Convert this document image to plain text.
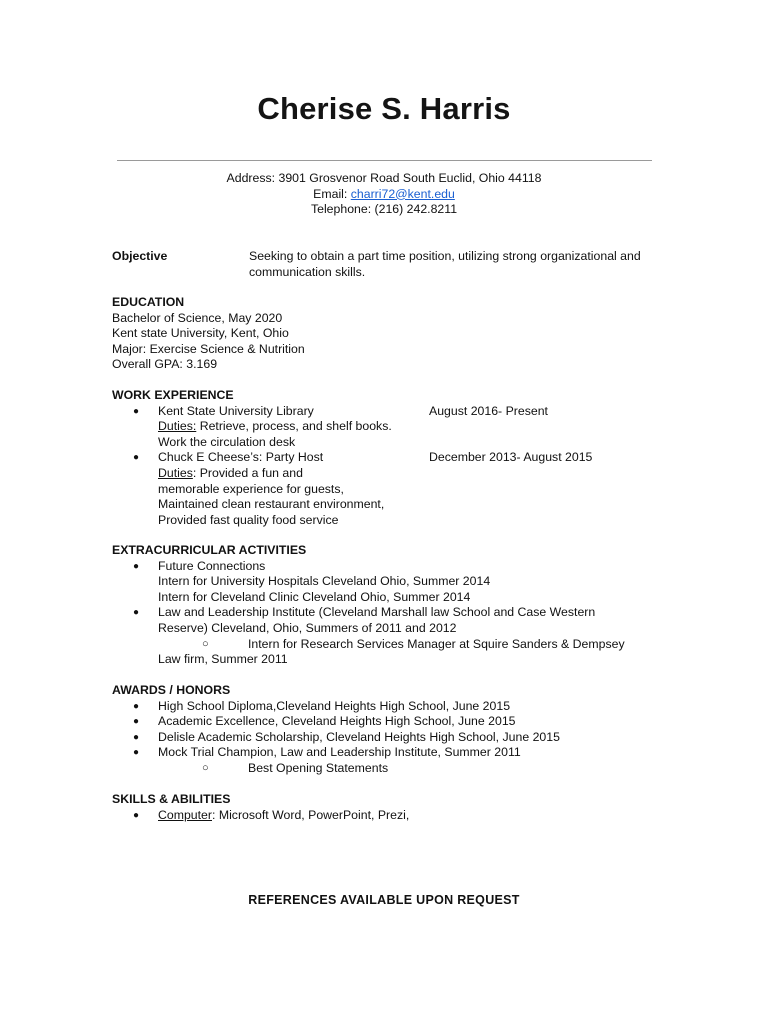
Cherise S. Harris
Address: 3901 Grosvenor Road South Euclid, Ohio 44118
Email: charri72@kent.edu
Telephone: (216) 242.8211
Objective	Seeking to obtain a part time position, utilizing strong organizational and communication skills.
EDUCATION
Bachelor of Science, May 2020
Kent state University, Kent, Ohio
Major: Exercise Science & Nutrition
Overall GPA: 3.169
WORK EXPERIENCE
● Kent State University Library	August 2016- Present
Duties: Retrieve, process, and shelf books.
Work the circulation desk
● Chuck E Cheese’s: Party Host	December 2013- August 2015
Duties: Provided a fun and
memorable experience for guests,
Maintained clean restaurant environment,
Provided fast quality food service
EXTRACURRICULAR ACTIVITIES
● Future Connections
Intern for University Hospitals Cleveland Ohio, Summer 2014
Intern for Cleveland Clinic Cleveland Ohio, Summer 2014
● Law and Leadership Institute (Cleveland Marshall law School and Case Western
Reserve) Cleveland, Ohio, Summers of 2011 and 2012
○	Intern for Research Services Manager at Squire Sanders & Dempsey
Law firm, Summer 2011
AWARDS / HONORS
● High School Diploma,Cleveland Heights High School, June 2015
● Academic Excellence, Cleveland Heights High School, June 2015
● Delisle Academic Scholarship, Cleveland Heights High School, June 2015
● Mock Trial Champion, Law and Leadership Institute, Summer 2011
○	Best Opening Statements
SKILLS & ABILITIES
● Computer: Microsoft Word, PowerPoint, Prezi,
REFERENCES AVAILABLE UPON REQUEST
